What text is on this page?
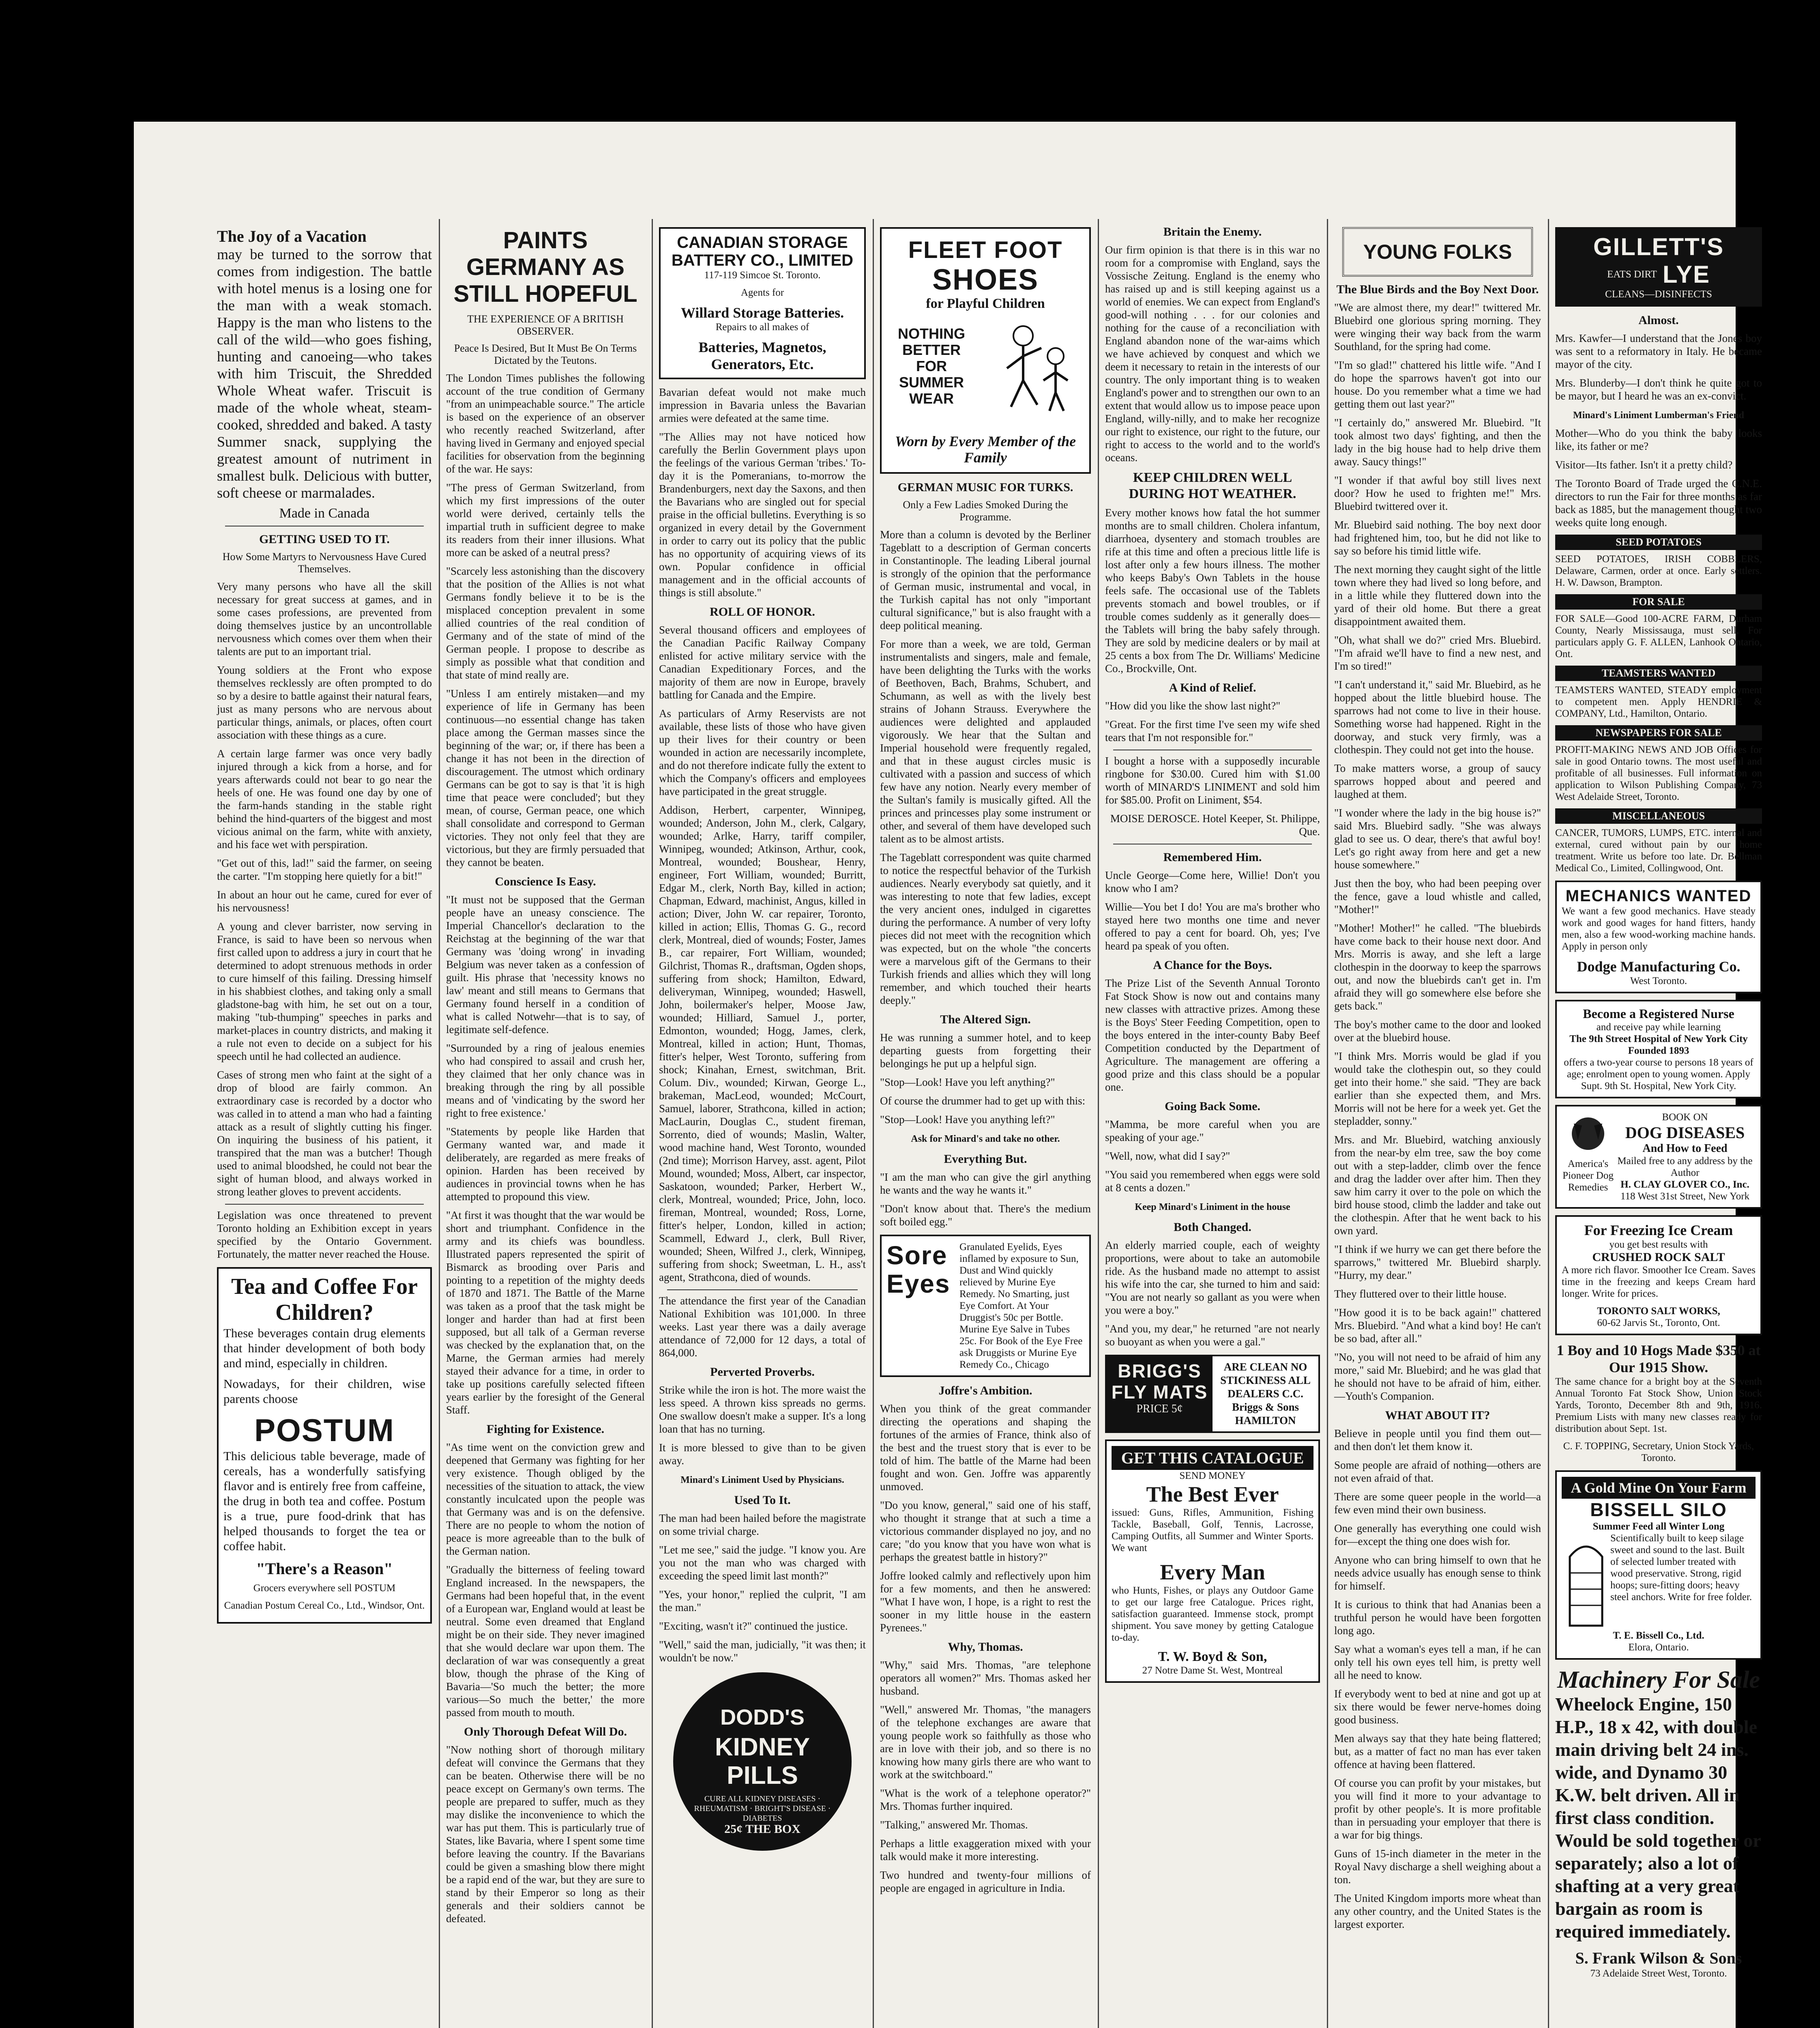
The Joy of a Vacation

may be turned to the sorrow that comes from indigestion. The battle with hotel menus is a losing one for the man with a weak stomach. Happy is the man who listens to the call of the wild—who goes fishing, hunting and canoeing—who takes with him Triscuit, the Shredded Whole Wheat wafer. Triscuit is made of the whole wheat, steam-cooked, shredded and baked. A tasty Summer snack, supplying the greatest amount of nutriment in smallest bulk. Delicious with butter, soft cheese or marmalades.

Made in Canada

GETTING USED TO IT.
How Some Martyrs to Nervousness Have Cured Themselves.

Very many persons who have all the skill necessary for great success at games, and in some cases professions, are prevented from doing themselves justice by an uncontrollable nervousness which comes over them when their talents are put to an important trial.

Young soldiers at the Front who expose themselves recklessly are often prompted to do so by a desire to battle against their natural fears, just as many persons who are nervous about particular things, animals, or places, often court association with these things as a cure.

A certain large farmer was once very badly injured through a kick from a horse, and for years afterwards could not bear to go near the heels of one. He was found one day by one of the farm-hands standing in the stable right behind the hind-quarters of the biggest and most vicious animal on the farm, white with anxiety, and his face wet with perspiration.

"Get out of this, lad!" said the farmer, on seeing the carter. "I'm stopping here quietly for a bit!"

In about an hour out he came, cured for ever of his nervousness!

A young and clever barrister, now serving in France, is said to have been so nervous when first called upon to address a jury in court that he determined to adopt strenuous methods in order to cure himself of this failing. Dressing himself in his shabbiest clothes, and taking only a small gladstone-bag with him, he set out on a tour, making "tub-thumping" speeches in parks and market-places in country districts, and making it a rule not even to decide on a subject for his speech until he had collected an audience.

Cases of strong men who faint at the sight of a drop of blood are fairly common. An extraordinary case is recorded by a doctor who was called in to attend a man who had a fainting attack as a result of slightly cutting his finger. On inquiring the business of his patient, it transpired that the man was a butcher! Though used to animal bloodshed, he could not bear the sight of human blood, and always worked in strong leather gloves to prevent accidents.

Legislation was once threatened to prevent Toronto holding an Exhibition except in years specified by the Ontario Government. Fortunately, the matter never reached the House.

Tea and Coffee For Children?

These beverages contain drug elements that hinder development of both body and mind, especially in children.

Nowadays, for their children, wise parents choose

POSTUM

This delicious table beverage, made of cereals, has a wonderfully satisfying flavor and is entirely free from caffeine, the drug in both tea and coffee. Postum is a true, pure food-drink that has helped thousands to forget the tea or coffee habit.

"There's a Reason"

Grocers everywhere sell POSTUM

Canadian Postum Cereal Co., Ltd., Windsor, Ont.

PAINTS GERMANY AS STILL HOPEFUL
THE EXPERIENCE OF A BRITISH OBSERVER.
Peace Is Desired, But It Must Be On Terms Dictated by the Teutons.

The London Times publishes the following account of the true condition of Germany "from an unimpeachable source." The article is based on the experience of an observer who recently reached Switzerland, after having lived in Germany and enjoyed special facilities for observation from the beginning of the war. He says:

"The press of German Switzerland, from which my first impressions of the outer world were derived, certainly tells the impartial truth in sufficient degree to make its readers from their inner illusions. What more can be asked of a neutral press?

"Scarcely less astonishing than the discovery that the position of the Allies is not what Germans fondly believe it to be is the misplaced conception prevalent in some allied countries of the real condition of Germany and of the state of mind of the German people. I propose to describe as simply as possible what that condition and that state of mind really are.

"Unless I am entirely mistaken—and my experience of life in Germany has been continuous—no essential change has taken place among the German masses since the beginning of the war; or, if there has been a change it has not been in the direction of discouragement. The utmost which ordinary Germans can be got to say is that 'it is high time that peace were concluded'; but they mean, of course, German peace, one which shall consolidate and correspond to German victories. They not only feel that they are victorious, but they are firmly persuaded that they cannot be beaten.

Conscience Is Easy.

"It must not be supposed that the German people have an uneasy conscience. The Imperial Chancellor's declaration to the Reichstag at the beginning of the war that Germany was 'doing wrong' in invading Belgium was never taken as a confession of guilt. His phrase that 'necessity knows no law' meant and still means to Germans that Germany found herself in a condition of what is called Notwehr—that is to say, of legitimate self-defence.

"Surrounded by a ring of jealous enemies who had conspired to assail and crush her, they claimed that her only chance was in breaking through the ring by all possible means and of 'vindicating by the sword her right to free existence.'

"Statements by people like Harden that Germany wanted war, and made it deliberately, are regarded as mere freaks of opinion. Harden has been received by audiences in provincial towns when he has attempted to propound this view.

"At first it was thought that the war would be short and triumphant. Confidence in the army and its chiefs was boundless. Illustrated papers represented the spirit of Bismarck as brooding over Paris and pointing to a repetition of the mighty deeds of 1870 and 1871. The Battle of the Marne was taken as a proof that the task might be longer and harder than had at first been supposed, but all talk of a German reverse was checked by the explanation that, on the Marne, the German armies had merely stayed their advance for a time, in order to take up positions carefully selected fifteen years earlier by the foresight of the General Staff.

Fighting for Existence.

"As time went on the conviction grew and deepened that Germany was fighting for her very existence. Though obliged by the necessities of the situation to attack, the view constantly inculcated upon the people was that Germany was and is on the defensive. There are no people to whom the notion of peace is more agreeable than to the bulk of the German nation.

"Gradually the bitterness of feeling toward England increased. In the newspapers, the Germans had been hopeful that, in the event of a European war, England would at least be neutral. Some even dreamed that England might be on their side. They never imagined that she would declare war upon them. The declaration of war was consequently a great blow, though the phrase of the King of Bavaria—'So much the better; the more various—So much the better,' the more passed from mouth to mouth.

Only Thorough Defeat Will Do.

"Now nothing short of thorough military defeat will convince the Germans that they can be beaten. Otherwise there will be no peace except on Germany's own terms. The people are prepared to suffer, much as they may dislike the inconvenience to which the war has put them. This is particularly true of States, like Bavaria, where I spent some time before leaving the country. If the Bavarians could be given a smashing blow there might be a rapid end of the war, but they are sure to stand by their Emperor so long as their generals and their soldiers cannot be defeated.

CANADIAN STORAGE BATTERY CO., LIMITED

117-119 Simcoe St. Toronto.

Agents for

Willard Storage Batteries.

Repairs to all makes of

Batteries, Magnetos, Generators, Etc.

Bavarian defeat would not make much impression in Bavaria unless the Bavarian armies were defeated at the same time.

"The Allies may not have noticed how carefully the Berlin Government plays upon the feelings of the various German 'tribes.' To-day it is the Pomeranians, to-morrow the Brandenburgers, next day the Saxons, and then the Bavarians who are singled out for special praise in the official bulletins. Everything is so organized in every detail by the Government in order to carry out its policy that the public has no opportunity of acquiring views of its own. Popular confidence in official management and in the official accounts of things is still absolute."

ROLL OF HONOR.

Several thousand officers and employees of the Canadian Pacific Railway Company enlisted for active military service with the Canadian Expeditionary Forces, and the majority of them are now in Europe, bravely battling for Canada and the Empire.

As particulars of Army Reservists are not available, these lists of those who have given up their lives for their country or been wounded in action are necessarily incomplete, and do not therefore indicate fully the extent to which the Company's officers and employees have participated in the great struggle.

Addison, Herbert, carpenter, Winnipeg, wounded; Anderson, John M., clerk, Calgary, wounded; Arlke, Harry, tariff compiler, Winnipeg, wounded; Atkinson, Arthur, cook, Montreal, wounded; Boushear, Henry, engineer, Fort William, wounded; Burritt, Edgar M., clerk, North Bay, killed in action; Chapman, Edward, machinist, Angus, killed in action; Diver, John W. car repairer, Toronto, killed in action; Ellis, Thomas G. G., record clerk, Montreal, died of wounds; Foster, James B., car repairer, Fort William, wounded; Gilchrist, Thomas R., draftsman, Ogden shops, suffering from shock; Hamilton, Edward, deliveryman, Winnipeg, wounded; Haswell, John, boilermaker's helper, Moose Jaw, wounded; Hilliard, Samuel J., porter, Edmonton, wounded; Hogg, James, clerk, Montreal, killed in action; Hunt, Thomas, fitter's helper, West Toronto, suffering from shock; Kinahan, Ernest, switchman, Brit. Colum. Div., wounded; Kirwan, George L., brakeman, MacLeod, wounded; McCourt, Samuel, laborer, Strathcona, killed in action; MacLaurin, Douglas C., student fireman, Sorrento, died of wounds; Maslin, Walter, wood machine hand, West Toronto, wounded (2nd time); Morrison Harvey, asst. agent, Pilot Mound, wounded; Moss, Albert, car inspector, Saskatoon, wounded; Parker, Herbert W., clerk, Montreal, wounded; Price, John, loco. fireman, Montreal, wounded; Ross, Lorne, fitter's helper, London, killed in action; Scammell, Edward J., clerk, Bull River, wounded; Sheen, Wilfred J., clerk, Winnipeg, suffering from shock; Sweetman, L. H., ass't agent, Strathcona, died of wounds.

The attendance the first year of the Canadian National Exhibition was 101,000. In three weeks. Last year there was a daily average attendance of 72,000 for 12 days, a total of 864,000.

Perverted Proverbs.

Strike while the iron is hot. The more waist the less speed. A thrown kiss spreads no germs. One swallow doesn't make a supper. It's a long loan that has no turning.

It is more blessed to give than to be given away.

Minard's Liniment Used by Physicians.
Used To It.

The man had been hailed before the magistrate on some trivial charge.

"Let me see," said the judge. "I know you. Are you not the man who was charged with exceeding the speed limit last month?"

"Yes, your honor," replied the culprit, "I am the man."

"Exciting, wasn't it?" continued the justice.

"Well," said the man, judicially, "it was then; it wouldn't be now."

DODD'S
KIDNEY PILLS
CURE ALL KIDNEY DISEASES · RHEUMATISM · BRIGHT'S DISEASE · DIABETES
25¢ THE BOX
FLEET FOOT
SHOES
for Playful Children
NOTHING BETTER FOR SUMMER WEAR
Worn by Every Member of the Family
GERMAN MUSIC FOR TURKS.
Only a Few Ladies Smoked During the Programme.

More than a column is devoted by the Berliner Tageblatt to a description of German concerts in Constantinople. The leading Liberal journal is strongly of the opinion that the performance of German music, instrumental and vocal, in the Turkish capital has not only "important cultural significance," but is also fraught with a deep political meaning.

For more than a week, we are told, German instrumentalists and singers, male and female, have been delighting the Turks with the works of Beethoven, Bach, Brahms, Schubert, and Schumann, as well as with the lively best strains of Johann Strauss. Everywhere the audiences were delighted and applauded vigorously. We hear that the Sultan and Imperial household were frequently regaled, and that in these august circles music is cultivated with a passion and success of which few have any notion. Nearly every member of the Sultan's family is musically gifted. All the princes and princesses play some instrument or other, and several of them have developed such talent as to be almost artists.

The Tageblatt correspondent was quite charmed to notice the respectful behavior of the Turkish audiences. Nearly everybody sat quietly, and it was interesting to note that few ladies, except the very ancient ones, indulged in cigarettes during the performance. A number of very lofty pieces did not meet with the recognition which was expected, but on the whole "the concerts were a marvelous gift of the Germans to their Turkish friends and allies which they will long remember, and which touched their hearts deeply."

The Altered Sign.

He was running a summer hotel, and to keep departing guests from forgetting their belongings he put up a helpful sign.

"Stop—Look! Have you left anything?"

Of course the drummer had to get up with this:

"Stop—Look! Have you anything left?"

Ask for Minard's and take no other.
Everything But.

"I am the man who can give the girl anything he wants and the way he wants it."

"Don't know about that. There's the medium soft boiled egg."

Sore Eyes
Granulated Eyelids, Eyes inflamed by exposure to Sun, Dust and Wind quickly relieved by Murine Eye Remedy. No Smarting, just Eye Comfort. At Your Druggist's 50c per Bottle. Murine Eye Salve in Tubes 25c. For Book of the Eye Free ask Druggists or Murine Eye Remedy Co., Chicago
Joffre's Ambition.

When you think of the great commander directing the operations and shaping the fortunes of the armies of France, think also of the best and the truest story that is ever to be told of him. The battle of the Marne had been fought and won. Gen. Joffre was apparently unmoved.

"Do you know, general," said one of his staff, who thought it strange that at such a time a victorious commander displayed no joy, and no care; "do you know that you have won what is perhaps the greatest battle in history?"

Joffre looked calmly and reflectively upon him for a few moments, and then he answered: "What I have won, I hope, is a right to rest the sooner in my little house in the eastern Pyrenees."

Why, Thomas.

"Why," said Mrs. Thomas, "are telephone operators all women?" Mrs. Thomas asked her husband.

"Well," answered Mr. Thomas, "the managers of the telephone exchanges are aware that young people work so faithfully as those who are in love with their job, and so there is no knowing how many girls there are who want to work at the switchboard."

"What is the work of a telephone operator?" Mrs. Thomas further inquired.

"Talking," answered Mr. Thomas.

Perhaps a little exaggeration mixed with your talk would make it more interesting.

Two hundred and twenty-four millions of people are engaged in agriculture in India.

Britain the Enemy.

Our firm opinion is that there is in this war no room for a compromise with England, says the Vossische Zeitung. England is the enemy who has raised up and is still keeping against us a world of enemies. We can expect from England's good-will nothing . . . for our colonies and nothing for the cause of a reconciliation with England abandon none of the war-aims which we have achieved by conquest and which we deem it necessary to retain in the interests of our country. The only important thing is to weaken England's power and to strengthen our own to an extent that would allow us to impose peace upon England, willy-nilly, and to make her recognize our right to existence, our right to the future, our right to access to the world and to the world's oceans.

KEEP CHILDREN WELL DURING HOT WEATHER.

Every mother knows how fatal the hot summer months are to small children. Cholera infantum, diarrhoea, dysentery and stomach troubles are rife at this time and often a precious little life is lost after only a few hours illness. The mother who keeps Baby's Own Tablets in the house feels safe. The occasional use of the Tablets prevents stomach and bowel troubles, or if trouble comes suddenly as it generally does—the Tablets will bring the baby safely through. They are sold by medicine dealers or by mail at 25 cents a box from The Dr. Williams' Medicine Co., Brockville, Ont.

A Kind of Relief.

"How did you like the show last night?"

"Great. For the first time I've seen my wife shed tears that I'm not responsible for."

I bought a horse with a supposedly incurable ringbone for $30.00. Cured him with $1.00 worth of MINARD'S LINIMENT and sold him for $85.00. Profit on Liniment, $54.

MOISE DEROSCE. Hotel Keeper, St. Philippe, Que.

Remembered Him.

Uncle George—Come here, Willie! Don't you know who I am?

Willie—You bet I do! You are ma's brother who stayed here two months one time and never offered to pay a cent for board. Oh, yes; I've heard pa speak of you often.

A Chance for the Boys.

The Prize List of the Seventh Annual Toronto Fat Stock Show is now out and contains many new classes with attractive prizes. Among these is the Boys' Steer Feeding Competition, open to the boys entered in the inter-county Baby Beef Competition conducted by the Department of Agriculture. The management are offering a good prize and this class should be a popular one.

Going Back Some.

"Mamma, be more careful when you are speaking of your age."

"Well, now, what did I say?"

"You said you remembered when eggs were sold at 8 cents a dozen."

Keep Minard's Liniment in the house
Both Changed.

An elderly married couple, each of weighty proportions, were about to take an automobile ride. As the husband made no attempt to assist his wife into the car, she turned to him and said: "You are not nearly so gallant as you were when you were a boy."

"And you, my dear," he returned "are not nearly so buoyant as when you were a gal."

BRIGG'S FLY MATS
PRICE 5¢
ARE CLEAN NO STICKINESS ALL DEALERS C.C. Briggs & Sons HAMILTON
GET THIS CATALOGUE
SEND MONEY
The Best Ever

issued: Guns, Rifles, Ammunition, Fishing Tackle, Baseball, Golf, Tennis, Lacrosse, Camping Outfits, all Summer and Winter Sports. We want

Every Man

who Hunts, Fishes, or plays any Outdoor Game to get our large free Catalogue. Prices right, satisfaction guaranteed. Immense stock, prompt shipment. You save money by getting Catalogue to-day.

T. W. Boyd & Son,
27 Notre Dame St. West, Montreal
YOUNG FOLKS
The Blue Birds and the Boy Next Door.

"We are almost there, my dear!" twittered Mr. Bluebird one glorious spring morning. They were winging their way back from the warm Southland, for the spring had come.

"I'm so glad!" chattered his little wife. "And I do hope the sparrows haven't got into our house. Do you remember what a time we had getting them out last year?"

"I certainly do," answered Mr. Bluebird. "It took almost two days' fighting, and then the lady in the big house had to help drive them away. Saucy things!"

"I wonder if that awful boy still lives next door? How he used to frighten me!" Mrs. Bluebird twittered over it.

Mr. Bluebird said nothing. The boy next door had frightened him, too, but he did not like to say so before his timid little wife.

The next morning they caught sight of the little town where they had lived so long before, and in a little while they fluttered down into the yard of their old home. But there a great disappointment awaited them.

"Oh, what shall we do?" cried Mrs. Bluebird. "I'm afraid we'll have to find a new nest, and I'm so tired!"

"I can't understand it," said Mr. Bluebird, as he hopped about the little bluebird house. The sparrows had not come to live in their house. Something worse had happened. Right in the doorway, and stuck very firmly, was a clothespin. They could not get into the house.

To make matters worse, a group of saucy sparrows hopped about and peered and laughed at them.

"I wonder where the lady in the big house is?" said Mrs. Bluebird sadly. "She was always glad to see us. O dear, there's that awful boy! Let's go right away from here and get a new house somewhere."

Just then the boy, who had been peeping over the fence, gave a loud whistle and called, "Mother!"

"Mother! Mother!" he called. "The bluebirds have come back to their house next door. And Mrs. Morris is away, and she left a large clothespin in the doorway to keep the sparrows out, and now the bluebirds can't get in. I'm afraid they will go somewhere else before she gets back."

The boy's mother came to the door and looked over at the bluebird house.

"I think Mrs. Morris would be glad if you would take the clothespin out, so they could get into their home." she said. "They are back earlier than she expected them, and Mrs. Morris will not be here for a week yet. Get the stepladder, sonny."

Mrs. and Mr. Bluebird, watching anxiously from the near-by elm tree, saw the boy come out with a step-ladder, climb over the fence and drag the ladder over after him. Then they saw him carry it over to the pole on which the bird house stood, climb the ladder and take out the clothespin. After that he went back to his own yard.

"I think if we hurry we can get there before the sparrows," twittered Mr. Bluebird sharply. "Hurry, my dear."

They fluttered over to their little house.

"How good it is to be back again!" chattered Mrs. Bluebird. "And what a kind boy! He can't be so bad, after all."

"No, you will not need to be afraid of him any more," said Mr. Bluebird; and he was glad that he should not have to be afraid of him, either.—Youth's Companion.

WHAT ABOUT IT?

Believe in people until you find them out—and then don't let them know it.

Some people are afraid of nothing—others are not even afraid of that.

There are some queer people in the world—a few even mind their own business.

One generally has everything one could wish for—except the thing one does wish for.

Anyone who can bring himself to own that he needs advice usually has enough sense to think for himself.

It is curious to think that had Ananias been a truthful person he would have been forgotten long ago.

Say what a woman's eyes tell a man, if he can only tell his own eyes tell him, is pretty well all he need to know.

If everybody went to bed at nine and got up at six there would be fewer nerve-homes doing good business.

Men always say that they hate being flattered; but, as a matter of fact no man has ever taken offence at having been flattered.

Of course you can profit by your mistakes, but you will find it more to your advantage to profit by other people's. It is more profitable than in persuading your employer that there is a war for big things.

Guns of 15-inch diameter in the meter in the Royal Navy discharge a shell weighing about a ton.

The United Kingdom imports more wheat than any other country, and the United States is the largest exporter.

GILLETT'S
EATS DIRT LYE
CLEANS—DISINFECTS
Almost.

Mrs. Kawfer—I understand that the Jones boy was sent to a reformatory in Italy. He became mayor of the city.

Mrs. Blunderby—I don't think he quite got to be mayor, but I heard he was an ex-convict.

Minard's Liniment Lumberman's Friend

Mother—Who do you think the baby looks like, its father or me?

Visitor—Its father. Isn't it a pretty child?

The Toronto Board of Trade urged the C.N.E. directors to run the Fair for three months as far back as 1885, but the management thought two weeks quite long enough.

SEED POTATOES

SEED POTATOES, IRISH COBBLERS, Delaware, Carmen, order at once. Early settlers. H. W. Dawson, Brampton.

FOR SALE

FOR SALE—Good 100-ACRE FARM, Durham County, Nearly Mississauga, must sell. For particulars apply G. F. ALLEN, Lanhook Ontario, Ont.

TEAMSTERS WANTED

TEAMSTERS WANTED, STEADY employment to competent men. Apply HENDRIE & COMPANY, Ltd., Hamilton, Ontario.

NEWSPAPERS FOR SALE

PROFIT-MAKING NEWS AND JOB Offices for sale in good Ontario towns. The most useful and profitable of all businesses. Full information on application to Wilson Publishing Company, 73 West Adelaide Street, Toronto.

MISCELLANEOUS

CANCER, TUMORS, LUMPS, ETC. internal and external, cured without pain by our home treatment. Write us before too late. Dr. Bellman Medical Co., Limited, Collingwood, Ont.

MECHANICS WANTED

We want a few good mechanics. Have steady work and good wages for hand fitters, handy men, also a few wood-working machine hands. Apply in person only

Dodge Manufacturing Co.
West Toronto.
Become a Registered Nurse
and receive pay while learning
The 9th Street Hospital of New York City Founded 1893
offers a two-year course to persons 18 years of age; enrolment open to young women. Apply Supt. 9th St. Hospital, New York City.
America's Pioneer Dog Remedies
BOOK ON
DOG DISEASES
And How to Feed
Mailed free to any address by the Author
H. CLAY GLOVER CO., Inc.
118 West 31st Street, New York
For Freezing Ice Cream
you get best results with
CRUSHED ROCK SALT

A more rich flavor. Smoother Ice Cream. Saves time in the freezing and keeps Cream hard longer. Write for prices.

TORONTO SALT WORKS,
60-62 Jarvis St., Toronto, Ont.
1 Boy and 10 Hogs Made $350 at Our 1915 Show.

The same chance for a bright boy at the Seventh Annual Toronto Fat Stock Show, Union Stock Yards, Toronto, December 8th and 9th, 1916. Premium Lists with many new classes ready for distribution about Sept. 1st.

C. F. TOPPING, Secretary, Union Stock Yards, Toronto.

A Gold Mine On Your Farm
BISSELL SILO
Summer Feed all Winter Long

Scientifically built to keep silage sweet and sound to the last. Built of selected lumber treated with wood preservative. Strong, rigid hoops; sure-fitting doors; heavy steel anchors. Write for free folder.

T. E. Bissell Co., Ltd.
Elora, Ontario.
Machinery For Sale

Wheelock Engine, 150 H.P., 18 x 42, with double main driving belt 24 ins. wide, and Dynamo 30 K.W. belt driven. All in first class condition. Would be sold together or separately; also a lot of shafting at a very great bargain as room is required immediately.

S. Frank Wilson & Sons
73 Adelaide Street West, Toronto.
